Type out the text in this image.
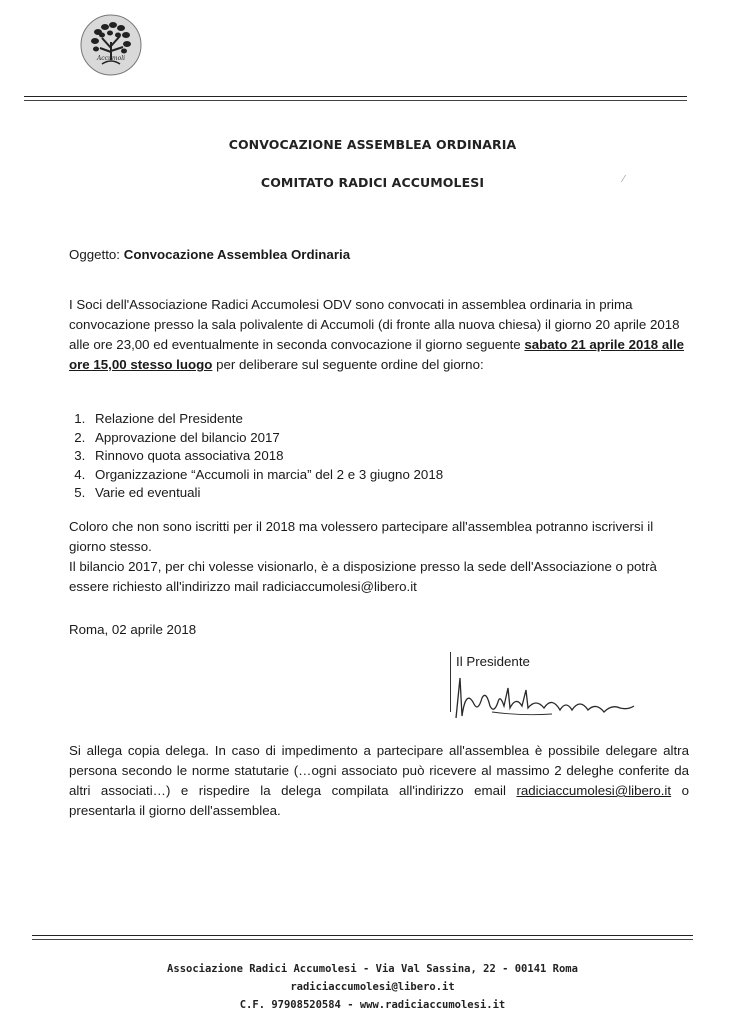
Accumoli
CONVOCAZIONE ASSEMBLEA ORDINARIA
COMITATO RADICI ACCUMOLESI	⁄
Oggetto: Convocazione Assemblea Ordinaria
I Soci dell'Associazione Radici Accumolesi ODV sono convocati in assemblea ordinaria in prima convocazione presso la sala polivalente di Accumoli (di fronte alla nuova chiesa) il giorno 20 aprile 2018 alle ore 23,00 ed eventualmente in seconda convocazione il giorno seguente sabato 21 aprile 2018 alle ore 15,00 stesso luogo per deliberare sul seguente ordine del giorno:
1. Relazione del Presidente
2. Approvazione del bilancio 2017
3. Rinnovo quota associativa 2018
4. Organizzazione “Accumoli in marcia” del 2 e 3 giugno 2018
5. Varie ed eventuali
Coloro che non sono iscritti per il 2018 ma volessero partecipare all'assemblea potranno iscriversi il giorno stesso.
Il bilancio 2017, per chi volesse visionarlo, è a disposizione presso la sede dell'Associazione o potrà essere richiesto all'indirizzo mail radiciaccumolesi@libero.it
Roma, 02 aprile 2018
Il Presidente
Si allega copia delega. In caso di impedimento a partecipare all'assemblea è possibile delegare altra persona secondo le norme statutarie (…ogni associato può ricevere al massimo 2 deleghe conferite da altri associati…) e rispedire la delega compilata all'indirizzo email radiciaccumolesi@libero.it o presentarla il giorno dell'assemblea.
Associazione Radici Accumolesi - Via Val Sassina, 22 - 00141 Roma
radiciaccumolesi@libero.it
C.F. 97908520584 - www.radiciaccumolesi.it
